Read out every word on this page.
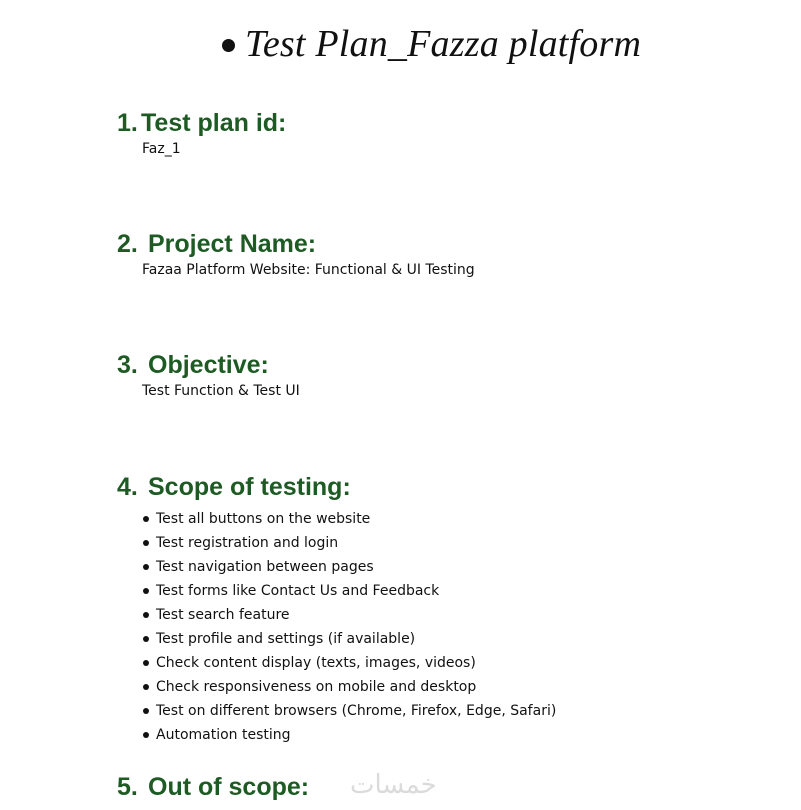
Test Plan_Fazza platform
1. Test plan id:
Faz_1
2. Project Name:
Fazaa Platform Website: Functional & UI Testing
3. Objective:
Test Function & Test UI
4. Scope of testing:
Test all buttons on the website
Test registration and login
Test navigation between pages
Test forms like Contact Us and Feedback
Test search feature
Test profile and settings (if available)
Check content display (texts, images, videos)
Check responsiveness on mobile and desktop
Test on different browsers (Chrome, Firefox, Edge, Safari)
Automation testing
5. Out of scope: خمسات
